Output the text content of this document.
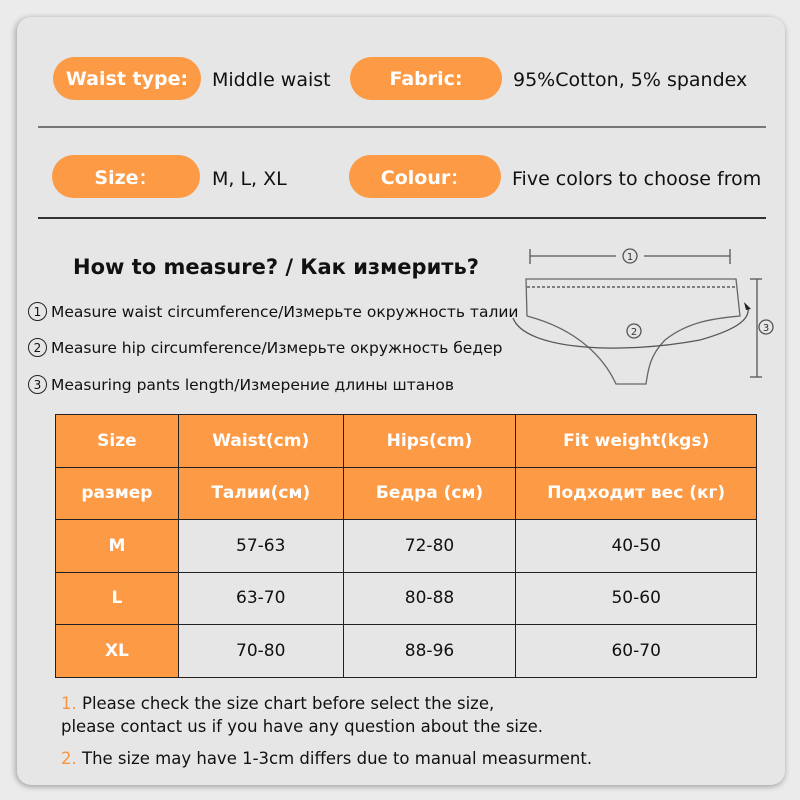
Waist type:	Middle waist	Fabric:	95%Cotton, 5% spandex
Size：	M, L, XL	Colour：	Five colors to choose from
How to measure? / Как измерить?
1 Measure waist circumference/Измерьте окружность талии
2 Measure hip circumference/Измерьте окружность бедер
3 Measuring pants length/Измерение длины штанов
1
2	3
Size	Waist(cm)	Hips(cm)	Fit weight(kgs)
размер	Талии(см)	Бедра (см)	Подходит вес (кг)
M	57-63	72-80	40-50
L	63-70	80-88	50-60
XL	70-80	88-96	60-70
1. Please check the size chart before select the size,
please contact us if you have any question about the size.
2. The size may have 1-3cm differs due to manual measurment.
